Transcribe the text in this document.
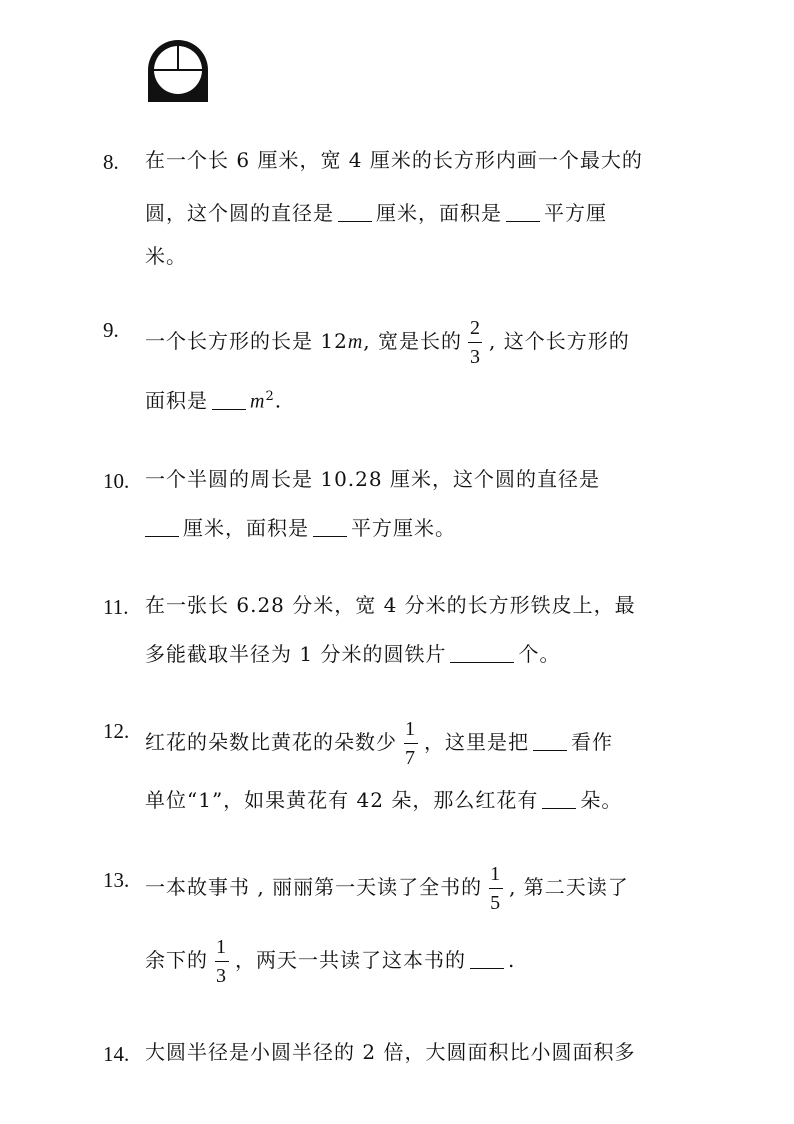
8. 在一个长 6 厘米，宽 4 厘米的长方形内画一个最大的
圆，这个圆的直径是 厘米，面积是 平方厘
米。
9. 一个长方形的长是 12m, 宽是长的 $\frac{2}{3}$ , 这个长方形的
面积是 $m^2$.
10. 一个半圆的周长是 10.28 厘米，这个圆的直径是
厘米，面积是 平方厘米。
11. 在一张长 6.28 分米，宽 4 分米的长方形铁皮上，最
多能截取半径为 1 分米的圆铁片	个。
12. 红花的朵数比黄花的朵数少 $\frac{1}{7}$ ，这里是把 看作
单位“1”，如果黄花有 42 朵，那么红花有 朵。
13. 一本故事书 , 丽丽第一天读了全书的 $\frac{1}{5}$ , 第二天读了
余下的 $\frac{1}{3}$ ，两天一共读了这本书的 .
14. 大圆半径是小圆半径的 2 倍，大圆面积比小圆面积多
